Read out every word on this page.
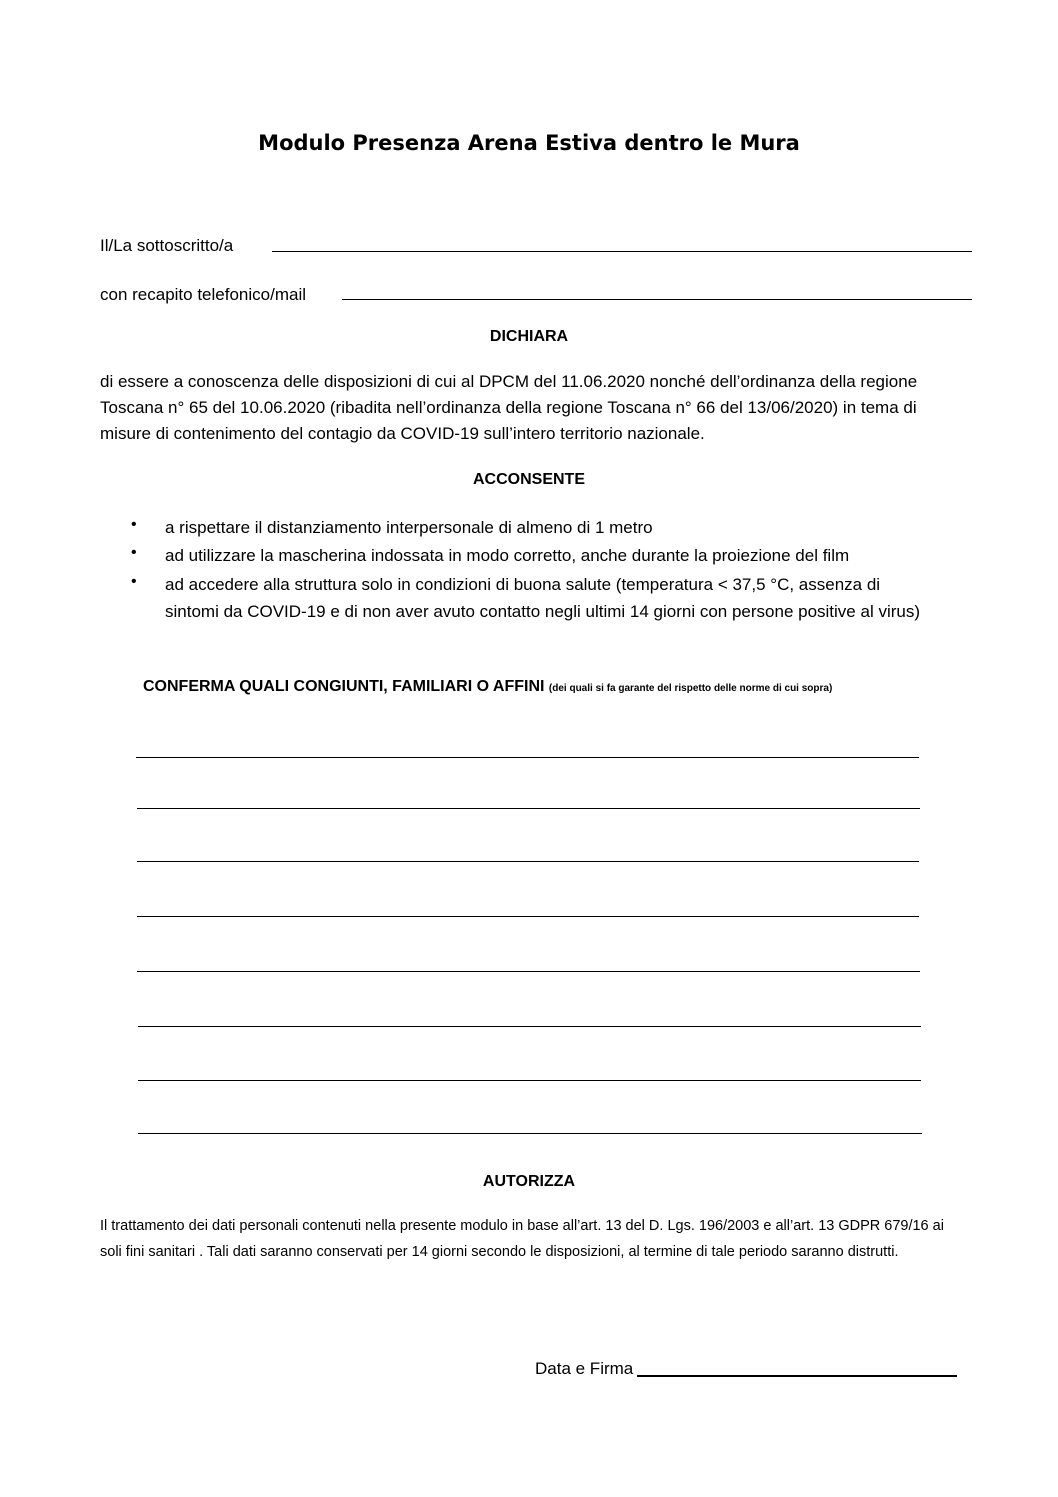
Modulo Presenza Arena Estiva dentro le Mura
Il/La sottoscritto/a
con recapito telefonico/mail
DICHIARA
di essere a conoscenza delle disposizioni di cui al DPCM del 11.06.2020 nonché dell’ordinanza della regione Toscana n° 65 del 10.06.2020 (ribadita nell’ordinanza della regione Toscana n° 66 del 13/06/2020) in tema di misure di contenimento del contagio da COVID-19 sull’intero territorio nazionale.
ACCONSENTE
• a rispettare il distanziamento interpersonale di almeno di 1 metro
• ad utilizzare la mascherina indossata in modo corretto, anche durante la proiezione del film
• ad accedere alla struttura solo in condizioni di buona salute (temperatura < 37,5 °C, assenza di sintomi da COVID-19 e di non aver avuto contatto negli ultimi 14 giorni con persone positive al virus)
CONFERMA QUALI CONGIUNTI, FAMILIARI O AFFINI (dei quali si fa garante del rispetto delle norme di cui sopra)
AUTORIZZA
Il trattamento dei dati personali contenuti nella presente modulo in base all’art. 13 del D. Lgs. 196/2003 e all’art. 13 GDPR 679/16 ai soli fini sanitari . Tali dati saranno conservati per 14 giorni secondo le disposizioni, al termine di tale periodo saranno distrutti.
Data e Firma
